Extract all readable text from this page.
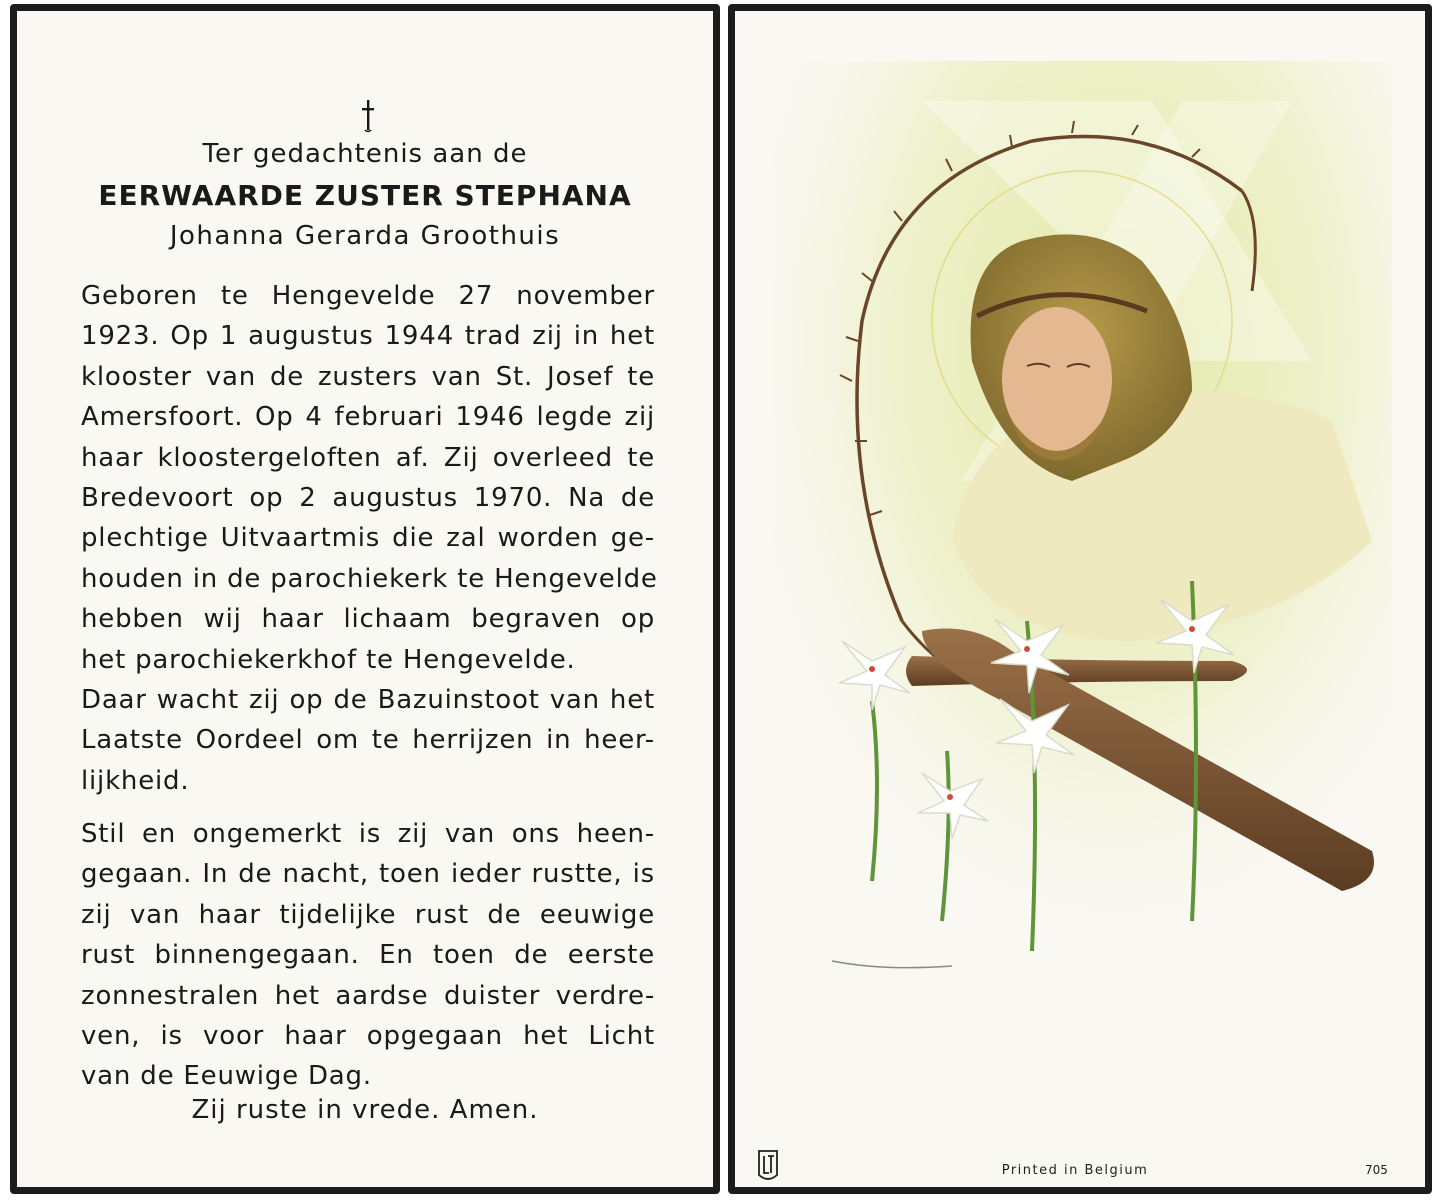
Ter gedachtenis aan de
EERWAARDE ZUSTER STEPHANA
Johanna Gerarda Groothuis
Geboren te Hengevelde 27 november
1923. Op 1 augustus 1944 trad zij in het
klooster van de zusters van St. Josef te
Amersfoort. Op 4 februari 1946 legde zij
haar kloostergeloften af. Zij overleed te
Bredevoort op 2 augustus 1970. Na de
plechtige Uitvaartmis die zal worden ge-
houden in de parochiekerk te Hengevelde
hebben wij haar lichaam begraven op
het parochiekerkhof te Hengevelde.
Daar wacht zij op de Bazuinstoot van het
Laatste Oordeel om te herrijzen in heer-
lijkheid.
Stil en ongemerkt is zij van ons heen-
gegaan. In de nacht, toen ieder rustte, is
zij van haar tijdelijke rust de eeuwige
rust binnengegaan. En toen de eerste
zonnestralen het aardse duister verdre-
ven, is voor haar opgegaan het Licht
van de Eeuwige Dag.
Zij ruste in vrede. Amen.
Printed in Belgium	705
